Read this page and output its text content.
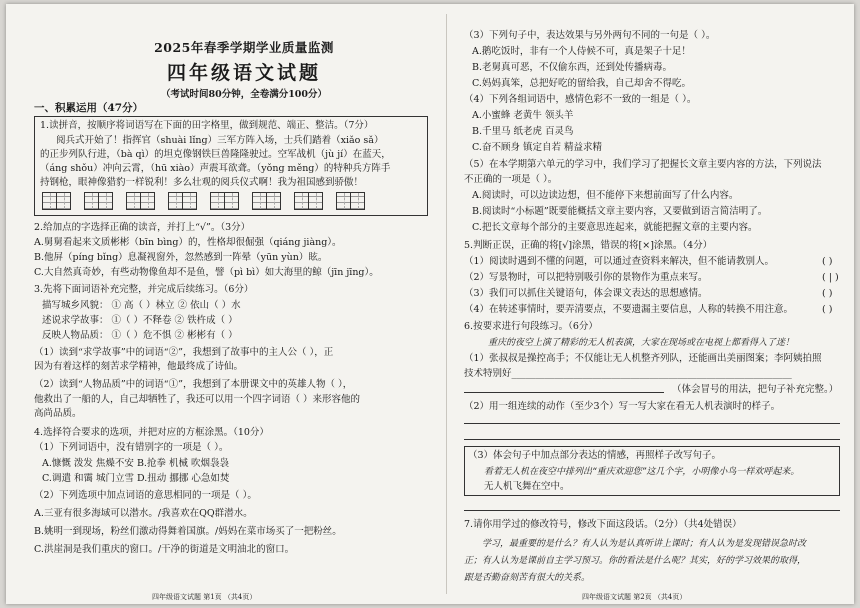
2025年春季学期学业质量监测
四年级语文试题
（考试时间80分钟，全卷满分100分）
一、积累运用（47分）
1.读拼音，按顺序将词语写在下面的田字格里，做到规范、端正、整洁。（7分）
阅兵式开始了！指挥官（shuài lǐng）三军方阵入场，士兵们踏着（xiǎo sǎ）
的正步列队行进，（bà qì）的坦克像钢铁巨兽隆隆驶过。空军战机（jù jí）在蓝天，
（áng shǒu）冲向云霄，（hū xiào）声震耳欲聋。（yǒng měng）的特种兵方阵手
持钢枪，眼神像猎豹一样锐利！多么壮观的阅兵仪式啊！我为祖国感到骄傲！
2.给加点的字选择正确的读音，并打上“√”。（3分）
A.舅舅看起来文质彬彬（bīn bìng）的，性格却很倔强（qiáng jiàng）。
B.他屏（píng bǐng）息凝视窗外，忽然感到一阵晕（yūn yùn）眩。
C.大自然真奇妙，有些动物像鱼却不是鱼，譬（pì bì）如大海里的鲸（jīn jīng）。
3.先将下面词语补充完整，并完成后续练习。（6分）
描写城乡风貌： ① 高（ ）林立 ② 依山（ ）水
述说求学故事： ①（ ）不释卷 ② 铁杵成（ ）
反映人物品质： ①（ ）危不惧 ② 彬彬有（ ）
（1）读到“求学故事”中的词语“②”，我想到了故事中的主人公（ ），正
因为有着这样的刻苦求学精神，他最终成了诗仙。
（2）读到“人物品质”中的词语“①”，我想到了本册课文中的英雄人物（ ），
他救出了一船的人，自己却牺牲了，我还可以用一个四字词语（ ）来形容他的
高尚品质。
4.选择符合要求的选项，并把对应的方框涂黑。（10分）
（1）下列词语中，没有错别字的一项是（ ）。
A.慷慨 泼发 焦燥不安 B.抢拳 机械 吹烟袅袅
C.调遣 和霭 城门立雪 D.扭动 挪挪 心急如焚
（2）下列选项中加点词语的意思相同的一项是（ ）。
A.三亚有很多海域可以潜水。/我喜欢在QQ群潜水。
B.姚明一到现场，粉丝们激动得舞着国旗。/妈妈在菜市场买了一把粉丝。
C.洪崖洞是我们重庆的窗口。/干净的街道是文明油北的窗口。
四年级语文试题 第1页 （共4页）
（3）下列句子中，表达效果与另外两句不同的一句是（ ）。
A.鹅吃饭时，非有一个人侍候不可，真是架子十足！
B.老舅真可恶，不仅偷东西，还到处传播病毒。
C.妈妈真笨，总把好吃的留给我，自己却舍不得吃。
（4）下列各组词语中，感情色彩不一致的一组是（ ）。
A.小蜜蜂 老黄牛 领头羊
B.千里马 纸老虎 百灵鸟
C.奋不顾身 镇定自若 精益求精
（5）在本学期第六单元的学习中，我们学习了把握长文章主要内容的方法，下列说法
不正确的一项是（ ）。
A.阅读时，可以边读边想，但不能停下来想前面写了什么内容。
B.阅读时“小标题”既要能概括文章主要内容，又要做到语言简洁明了。
C.把长文章每个部分的主要意思连起来，就能把握文章的主要内容。
5.判断正误，正确的将[√]涂黑，错误的将[×]涂黑。（4分）
（1）阅读时遇到不懂的问题，可以通过查资料来解决，但不能请教别人。	( )
（2）写景物时，可以把特别吸引你的景物作为重点来写。	( | )
（3）我们可以抓住关键语句，体会课文表达的思想感情。	( )
（4）在转述事情时，要弄清要点，不要遗漏主要信息，人称的转换不用注意。	( )
6.按要求进行句段练习。（6分）
重庆的夜空上演了精彩的无人机表演，大家在现场或在电视上都看得入了迷！
（1）张叔叔是操控高手；不仅能让无人机整齐列队，还能画出美丽图案；李阿姨拍照
技术特别好___________________________________________________________
（体会冒号的用法，把句子补充完整。）
（2）用一组连续的动作（至少3个）写一写大家在看无人机表演时的样子。
（3）体会句子中加点部分表达的情感，再照样子改写句子。
看着无人机在夜空中排列出“重庆欢迎您”这几个字，小明像小鸟一样欢呼起来。
无人机飞舞在空中。
7.请你用学过的修改符号，修改下面这段话。（2分）（共4处错误）
学习，最重要的是什么？有人认为是认真听讲上课时；有人认为是发现错误急时改
正；有人认为是课前自主学习预习。你的看法是什么呢？其实，好的学习效果的取得，
跟是否勤奋刻苦有很大的关系。
四年级语文试题 第2页 （共4页）
